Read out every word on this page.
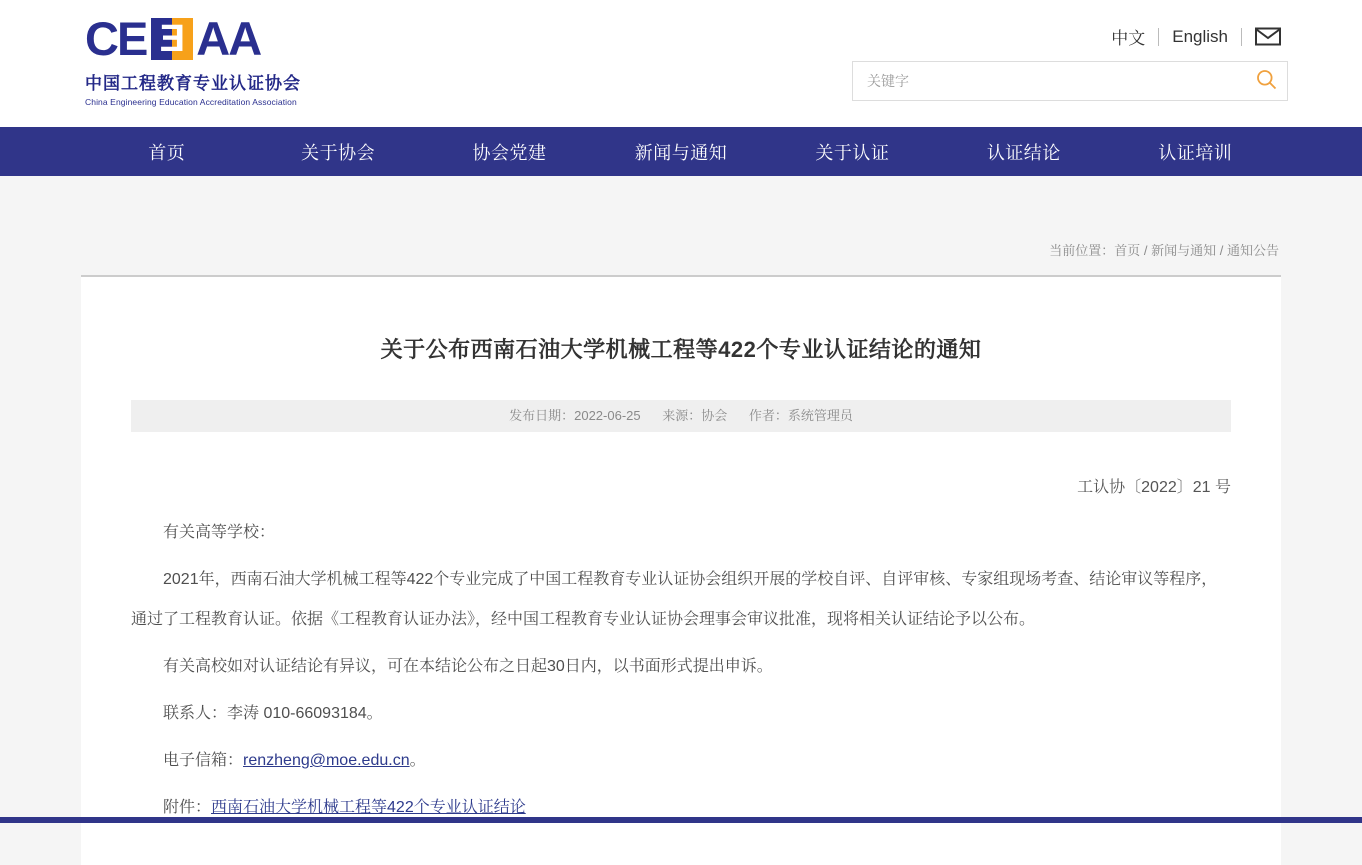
CE Ǝ AA
中国工程教育专业认证协会
China Engineering Education Accreditation Association
中文 English
关键字
首页	关于协会	协会党建	新闻与通知	关于认证	认证结论	认证培训
当前位置：首页 / 新闻与通知 / 通知公告
关于公布西南石油大学机械工程等422个专业认证结论的通知
发布日期：2022-06-25 来源：协会 作者：系统管理员
工认协〔2022〕21 号

有关高等学校：

2021年，西南石油大学机械工程等422个专业完成了中国工程教育专业认证协会组织开展的学校自评、自评审核、专家组现场考查、结论审议等程序，通过了工程教育认证。依据《工程教育认证办法》，经中国工程教育专业认证协会理事会审议批准，现将相关认证结论予以公布。

有关高校如对认证结论有异议，可在本结论公布之日起30日内，以书面形式提出申诉。

联系人：李涛 010-66093184。

电子信箱：renzheng@moe.edu.cn。

附件：西南石油大学机械工程等422个专业认证结论
